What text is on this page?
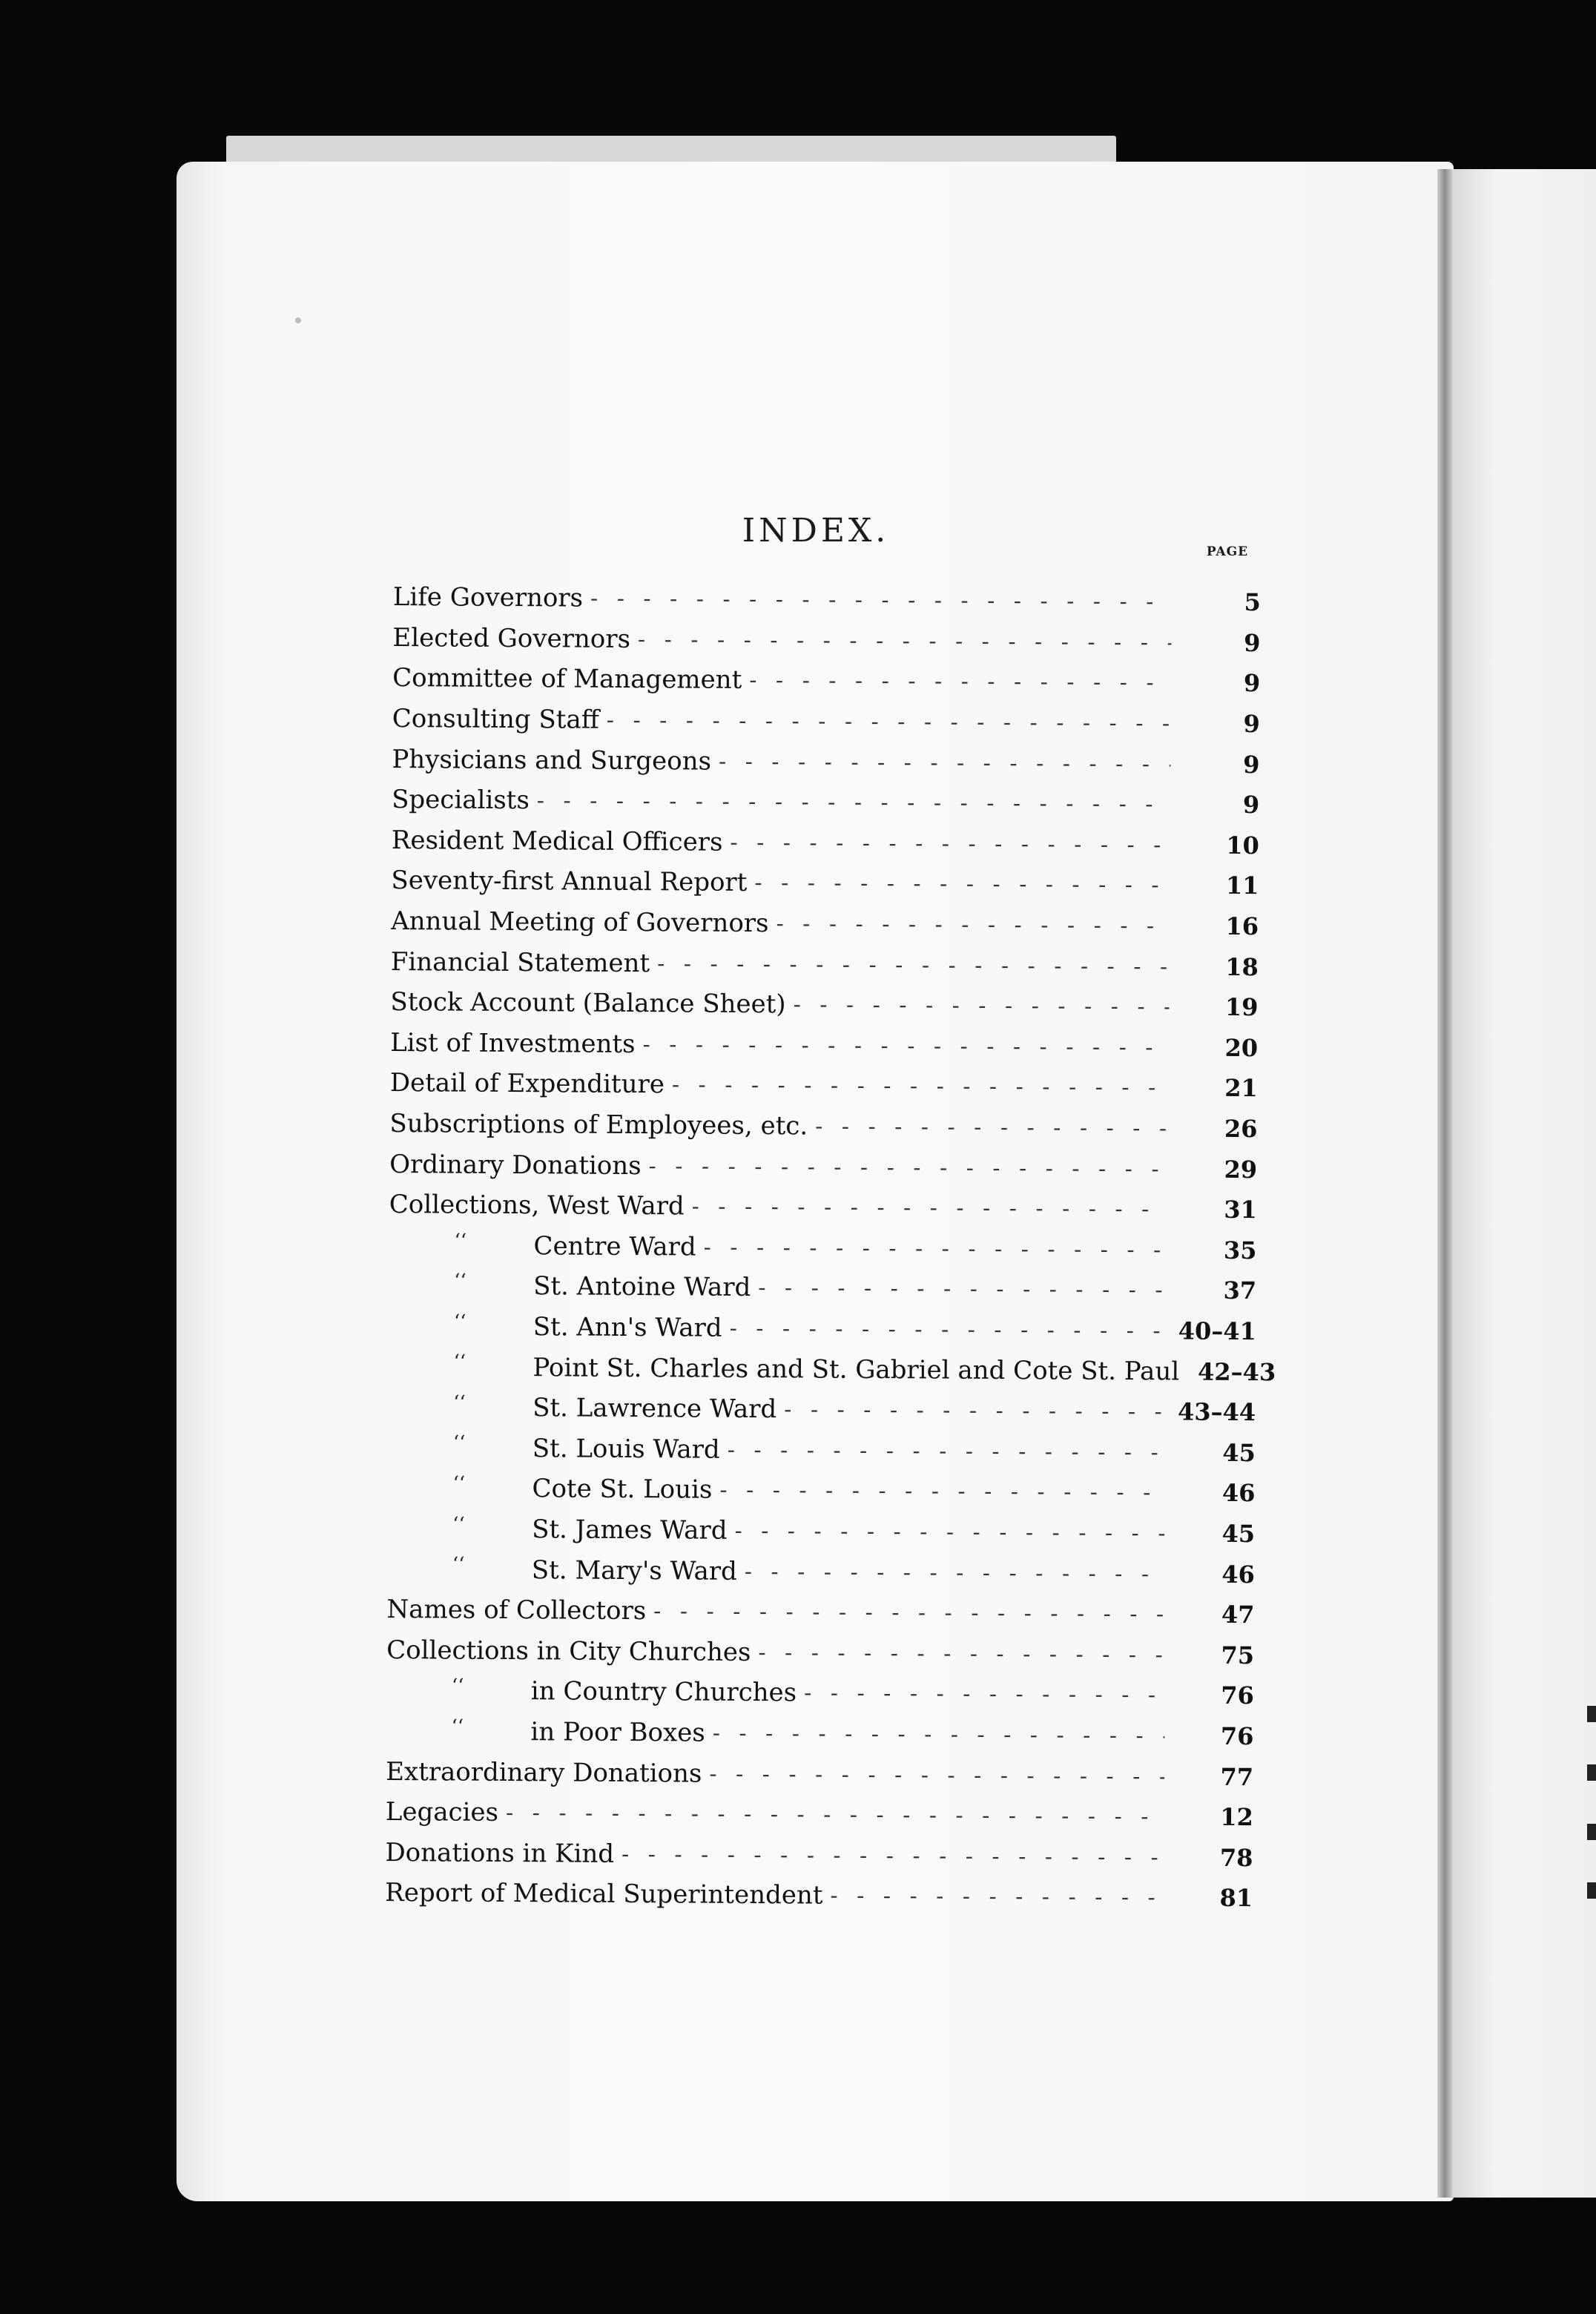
INDEX.
PAGE
Life Governors - - -	5
Elected Governors - - -	9
Committee of Management - - -	9
Consulting Staff - - -	9
Physicians and Surgeons - - -	9
Specialists - - -	9
Resident Medical Officers - - -	10
Seventy-first Annual Report - - -	11
Annual Meeting of Governors - - -	16
Financial Statement - - -	18
Stock Account (Balance Sheet) - - -	19
List of Investments - - -	20
Detail of Expenditure - - -	21
Subscriptions of Employees, etc. - - -	26
Ordinary Donations - - -	29
Collections, West Ward - - -	31
‘‘	Centre Ward - - -	35
‘‘	St. Antoine Ward - - -	37
‘‘	St. Ann's Ward - - -	40–41
‘‘	Point St. Charles and St. Gabriel and Cote St. Paul - - - 42–43
‘‘	St. Lawrence Ward - - -	43–44
‘‘	St. Louis Ward - - -	45
‘‘	Cote St. Louis - - -	46
‘‘	St. James Ward - - -	45
‘‘	St. Mary's Ward - - -	46
Names of Collectors - - -	47
Collections in City Churches - - -	75
‘‘	in Country Churches - - -	76
‘‘	in Poor Boxes - - -	76
Extraordinary Donations - - -	77
Legacies - - -	12
Donations in Kind - - -	78
Report of Medical Superintendent - - -	81
